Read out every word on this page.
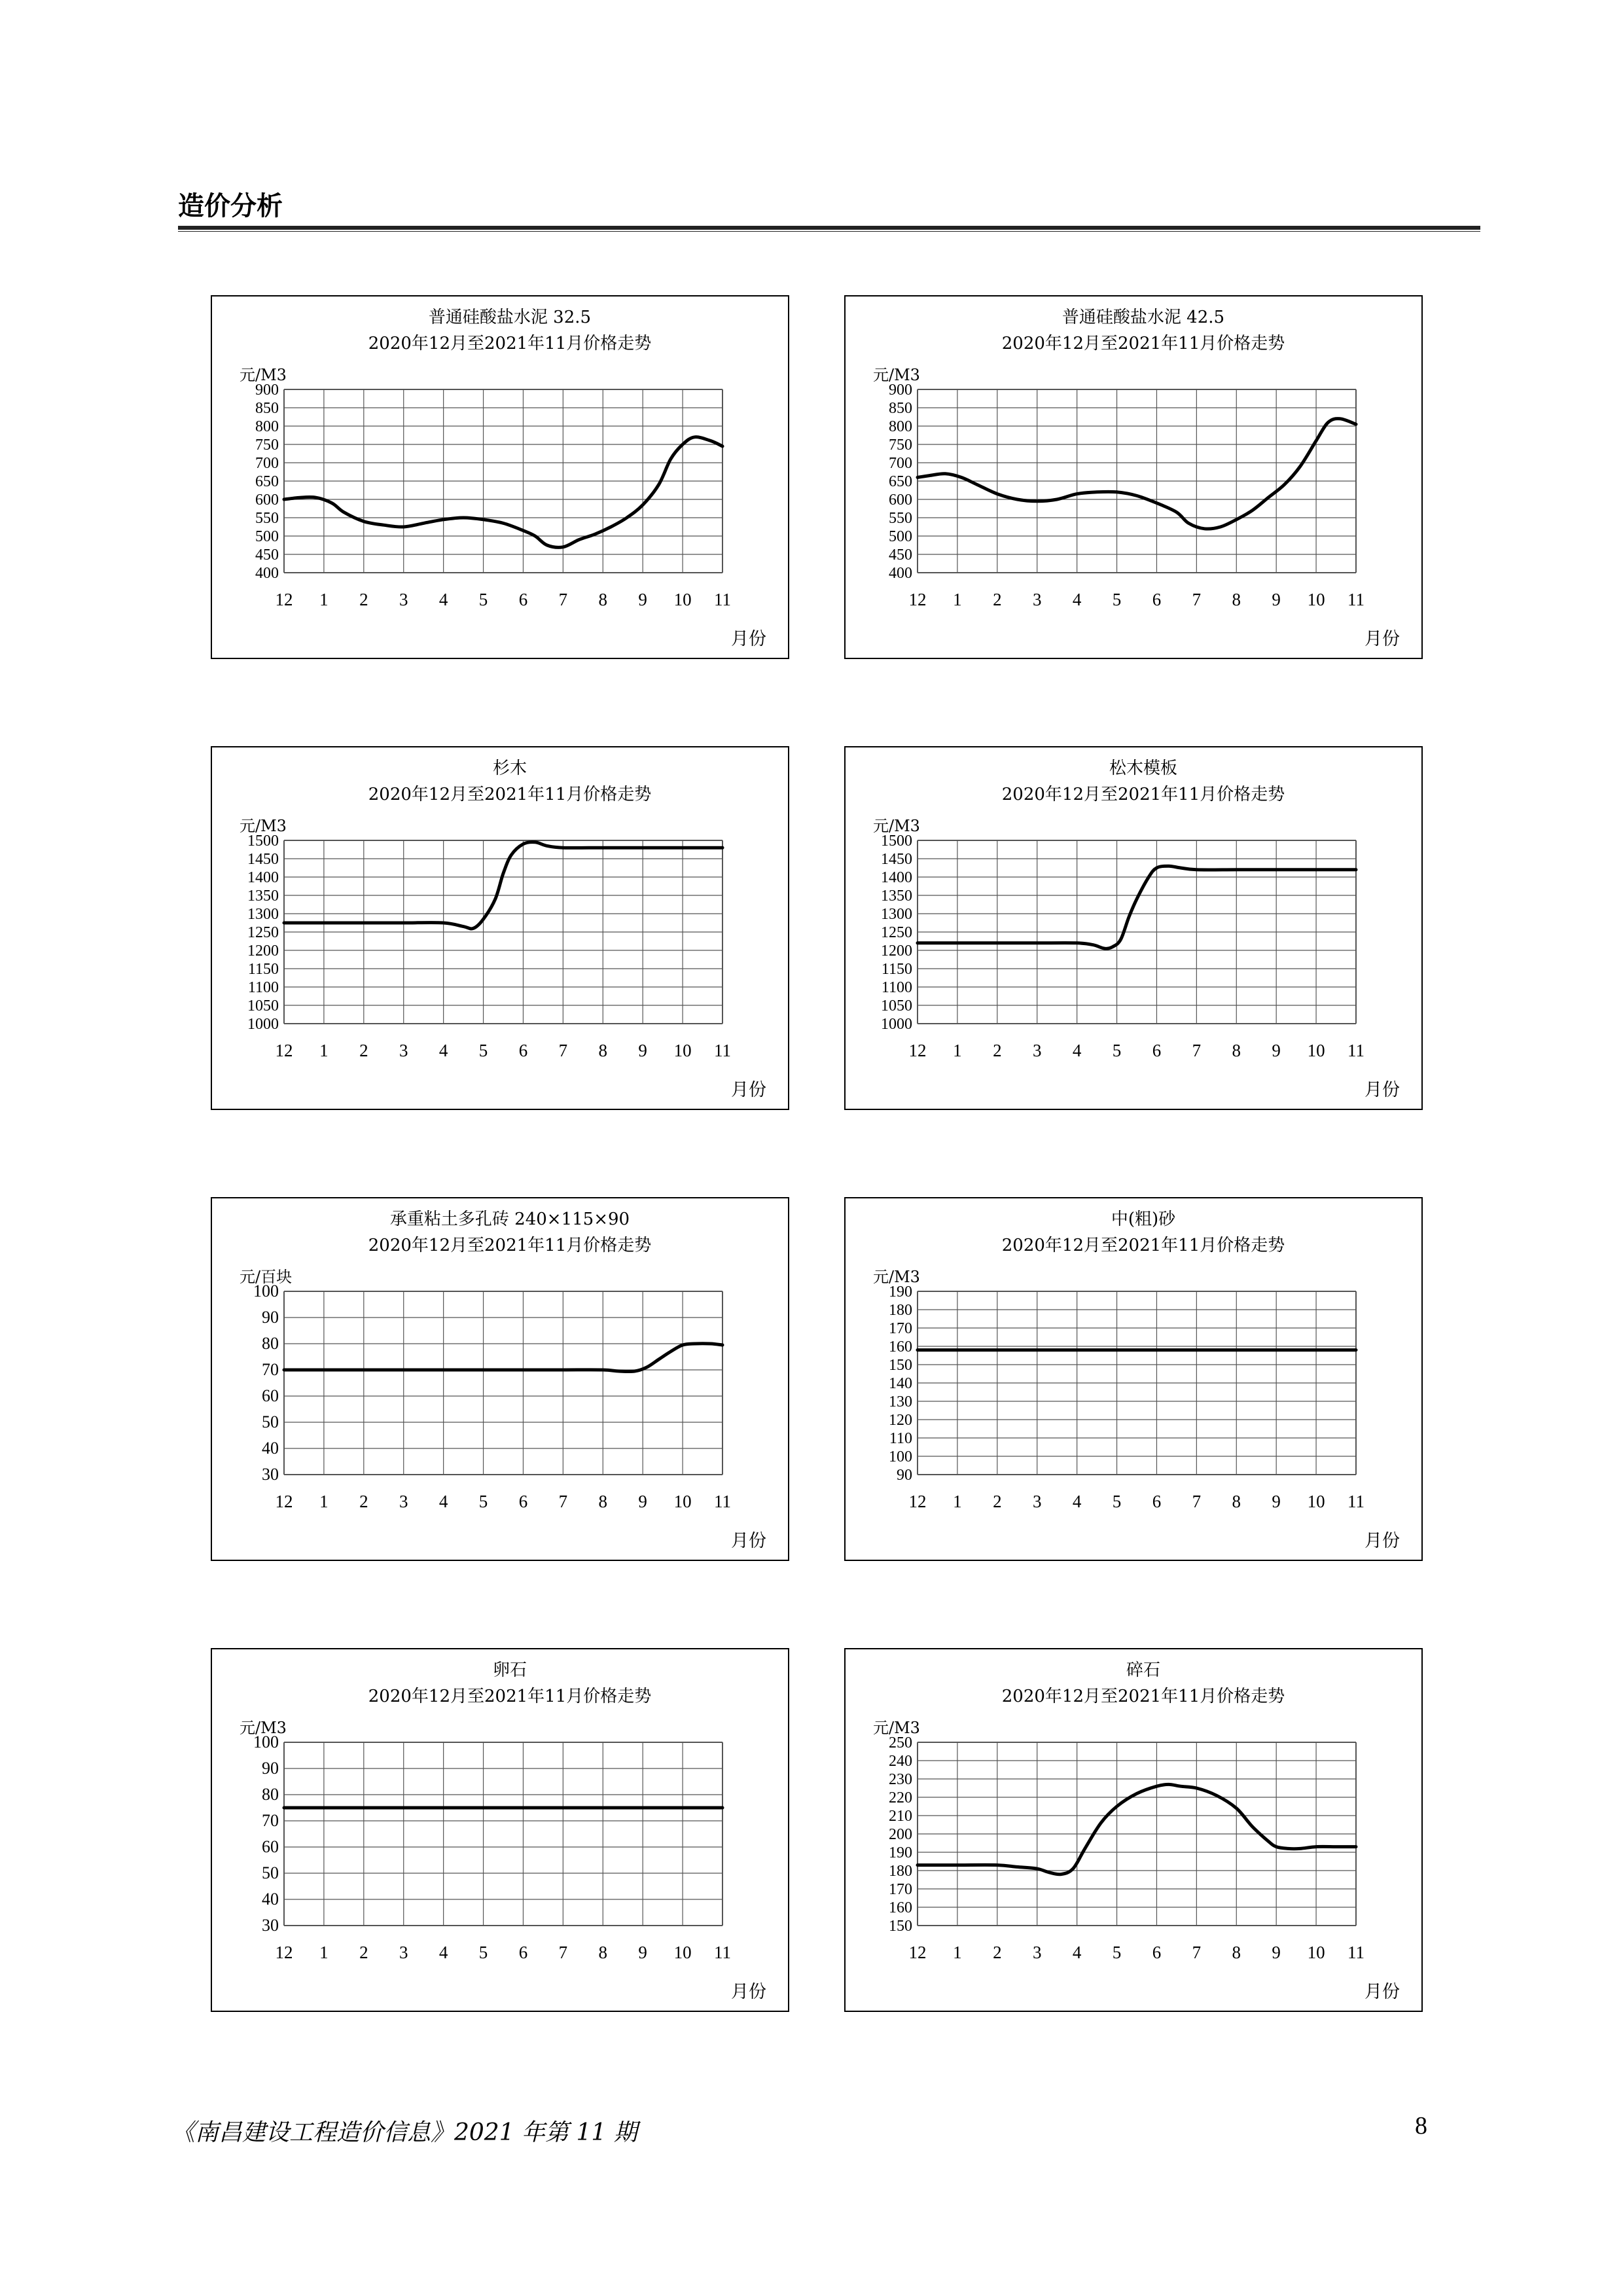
造价分析
普通硅酸盐水泥 32.5
2020年12月至2021年11月价格走势
元/M3
400
450
500
550
600
650
700
750
800
850
900
12 1 2 3 4 5 6 7 8 9 10 11
月份
普通硅酸盐水泥 42.5
2020年12月至2021年11月价格走势
元/M3
400
450
500
550
600
650
700
750
800
850
900
12 1 2 3 4 5 6 7 8 9 10 11
月份
杉木
2020年12月至2021年11月价格走势
元/M3
1000
1050
1100
1150
1200
1250
1300
1350
1400
1450
1500
12 1 2 3 4 5 6 7 8 9 10 11
月份
松木模板
2020年12月至2021年11月价格走势
元/M3
1000
1050
1100
1150
1200
1250
1300
1350
1400
1450
1500
12 1 2 3 4 5 6 7 8 9 10 11
月份
承重粘土多孔砖 240×115×90
2020年12月至2021年11月价格走势
元/百块
30
40
50
60
70
80
90
100
12 1 2 3 4 5 6 7 8 9 10 11
月份
中(粗)砂
2020年12月至2021年11月价格走势
元/M3
90
100
110
120
130
140
150
160
170
180
190
12 1 2 3 4 5 6 7 8 9 10 11
月份
卵石
2020年12月至2021年11月价格走势
元/M3
30
40
50
60
70
80
90
100
12 1 2 3 4 5 6 7 8 9 10 11
月份
碎石
2020年12月至2021年11月价格走势
元/M3
150
160
170
180
190
200
210
220
230
240
250
12 1 2 3 4 5 6 7 8 9 10 11
月份
《南昌建设工程造价信息》2021 年第 11 期	8
